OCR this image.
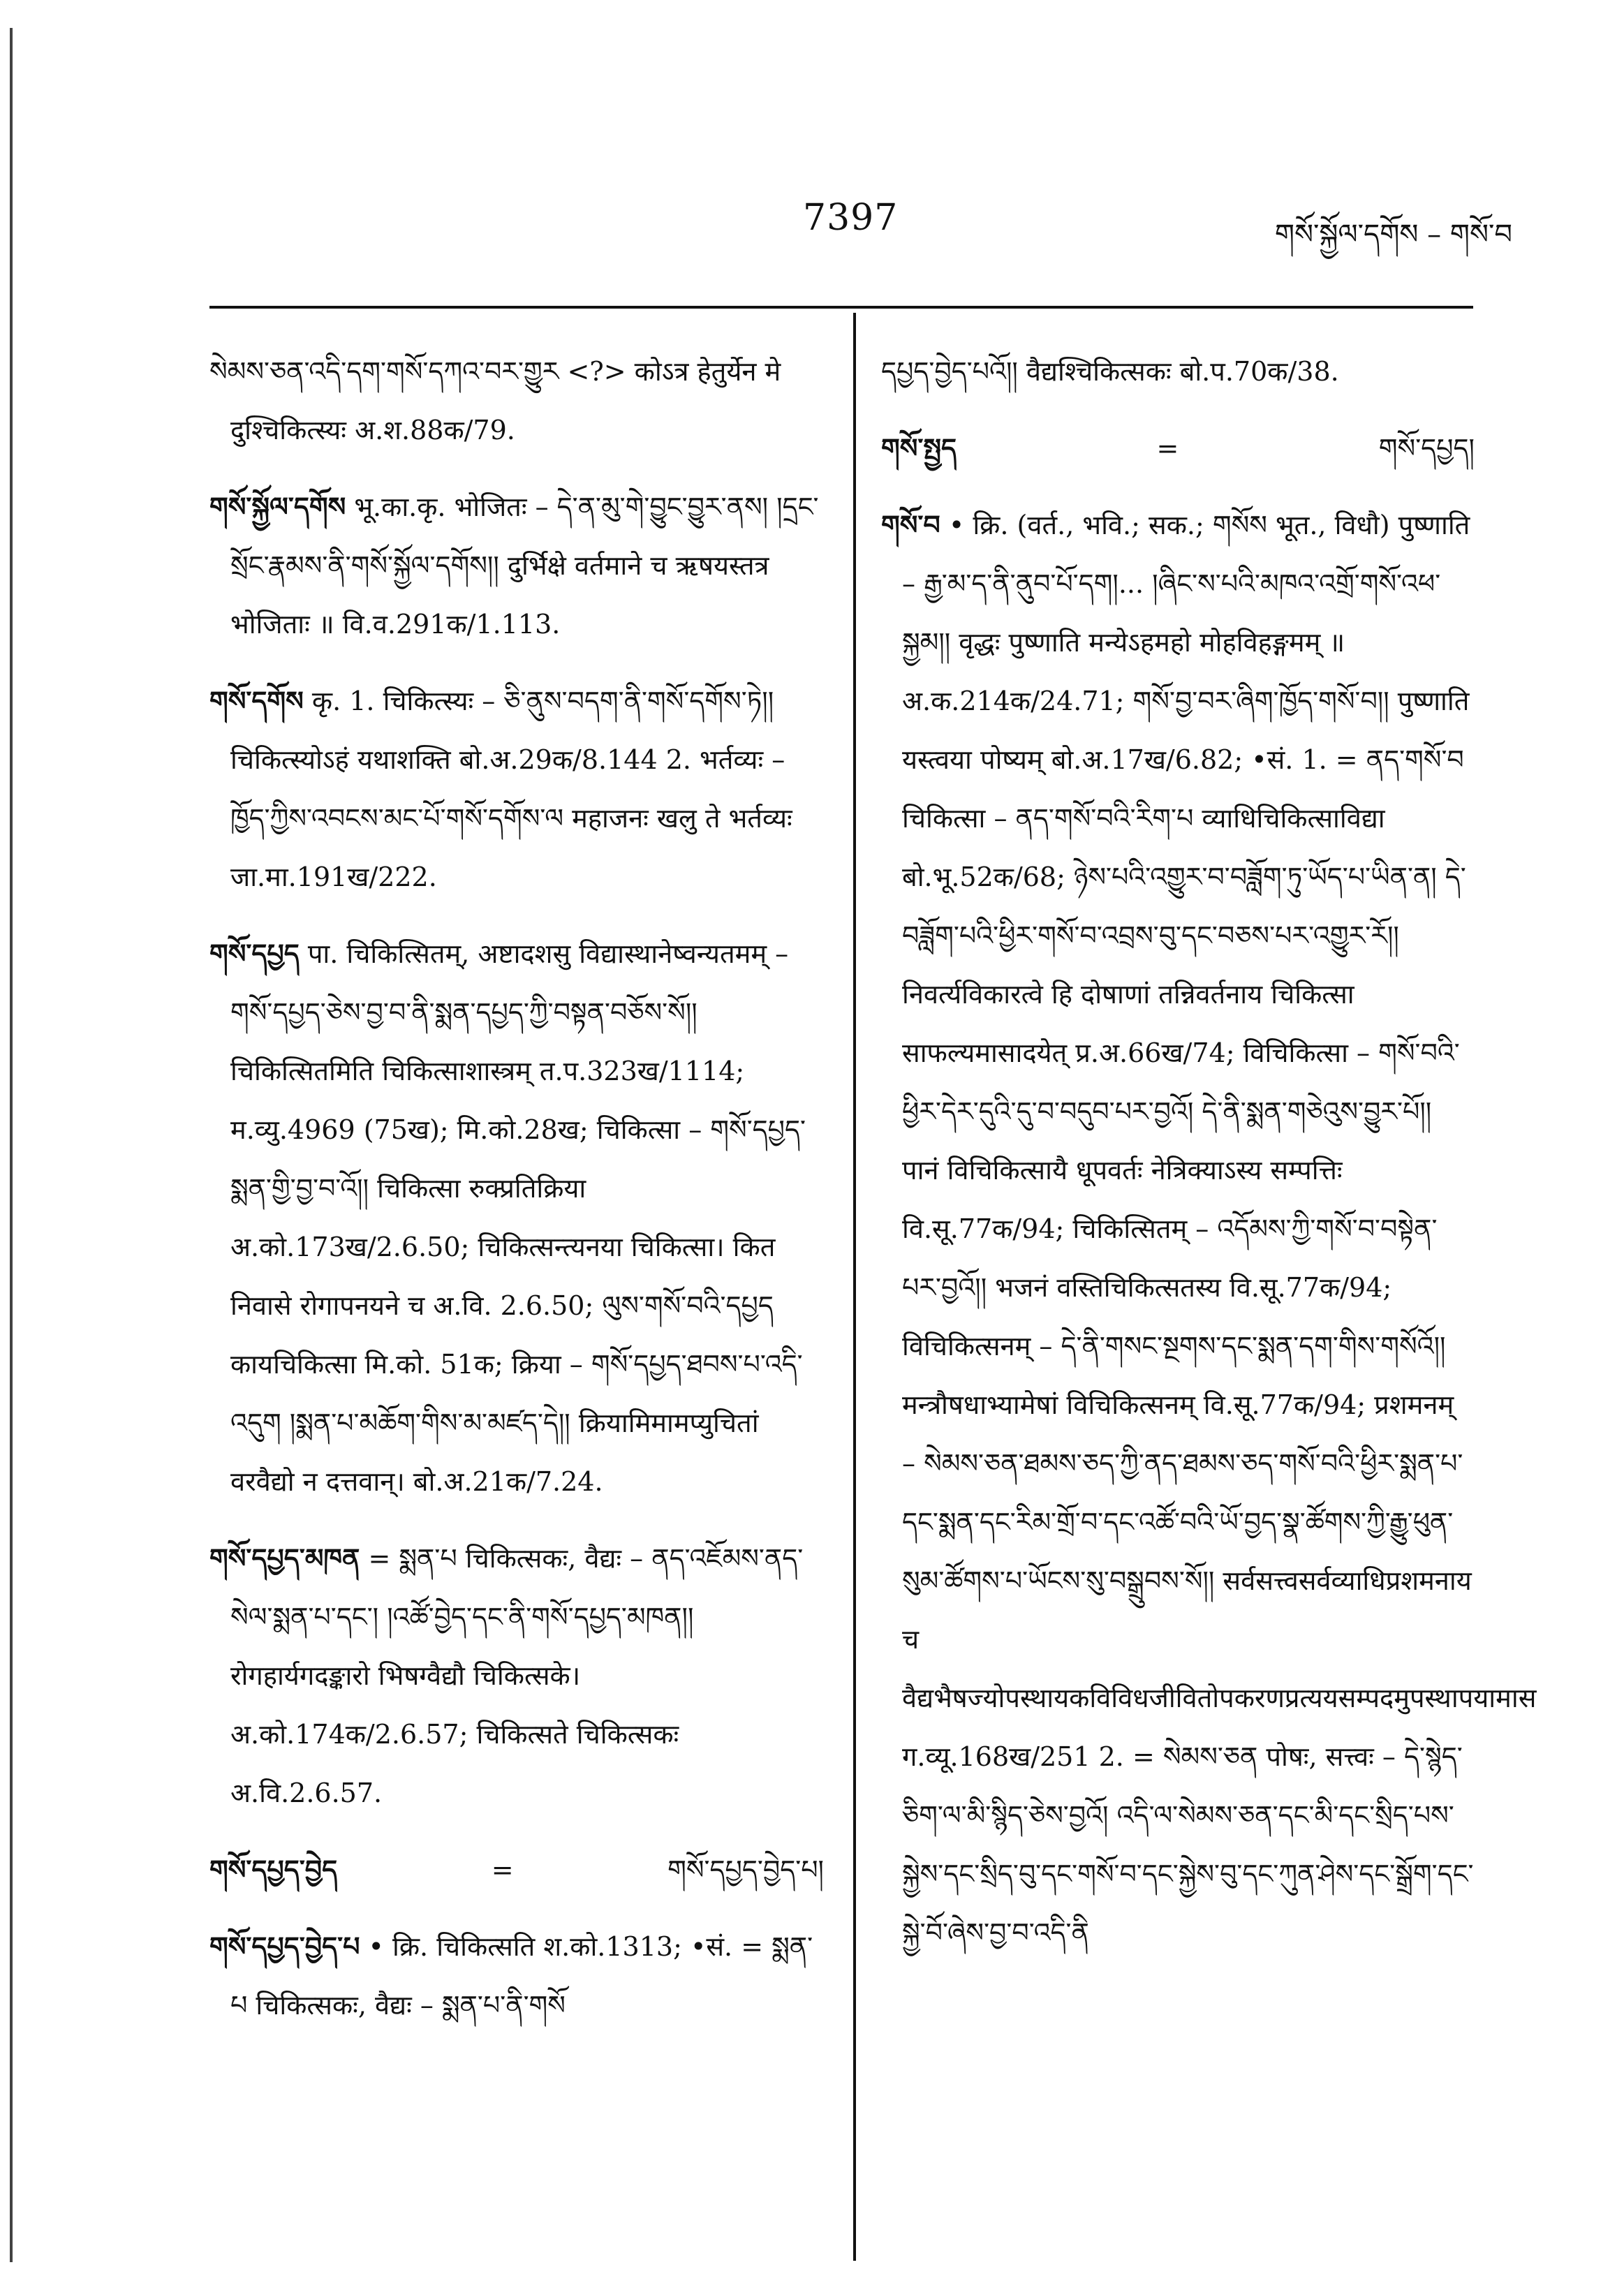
7397	གསོ་སྐྱོལ་དགོས – གསོ་བ

སེམས་ཅན་འདི་དག་གསོ་དཀའ་བར་གྱུར <?> कोऽत्र हेतुर्येन मे दुश्चिकित्स्यः अ.श.88क/79.

གསོ་སྐྱོལ་དགོས भू.का.कृ. भोजितः – དེ་ན་མུ་གེ་བྱུང་བྱུར་ནས། །དྲང་སྲོང་རྣམས་ནི་གསོ་སྐྱོལ་དགོས།། दुर्भिक्षे वर्तमाने च ऋषयस्तत्र भोजिताः ॥ वि.व.291क/1.113.

གསོ་དགོས कृ. 1. चिकित्स्यः – ཅི་ནུས་བདག་ནི་གསོ་དགོས་ཏེ།། चिकित्स्योऽहं यथाशक्ति बो.अ.29क/8.144 2. भर्तव्यः – ཁྱོད་ཀྱིས་འབངས་མང་པོ་གསོ་དགོས་ལ महाजनः खलु ते भर्तव्यः जा.मा.191ख/222.

གསོ་དཔྱད पा. चिकित्सितम्, अष्टादशसु विद्यास्थानेष्वन्यतमम् – གསོ་དཔྱད་ཅེས་བྱ་བ་ནི་སྨན་དཔྱད་ཀྱི་བསྟན་བཅོས་སོ།། चिकित्सितमिति चिकित्साशास्त्रम् त.प.323ख/1114; म.व्यु.4969 (75ख); मि.को.28ख; चिकित्सा – གསོ་དཔྱད་སྨན་གྱི་བྱ་བ་འོ།། चिकित्सा रुक्प्रतिक्रिया अ.को.173ख/2.6.50; चिकित्सन्त्यनया चिकित्सा। कित निवासे रोगापनयने च अ.वि. 2.6.50; ལུས་གསོ་བའི་དཔྱད कायचिकित्सा मि.को. 51क; क्रिया – གསོ་དཔྱད་ཐབས་པ་འདི་འདུག །སྨན་པ་མཆོག་གིས་མ་མཛད་དེ།། क्रियामिमामप्युचितां वरवैद्यो न दत्तवान्। बो.अ.21क/7.24.

གསོ་དཔྱད་མཁན = སྨན་པ चिकित्सकः, वैद्यः – ནད་འཇོམས་ནད་སེལ་སྨན་པ་དང་། །འཚོ་བྱེད་དང་ནི་གསོ་དཔྱད་མཁན།། रोगहार्यगदङ्कारो भिषग्वैद्यौ चिकित्सके। अ.को.174क/2.6.57; चिकित्सते चिकित्सकः अ.वि.2.6.57.

གསོ་དཔྱད་བྱེད	=	གསོ་དཔྱད་བྱེད་པ།

གསོ་དཔྱད་བྱེད་པ • क्रि. चिकित्सति श.को.1313; •सं. = སྨན་པ चिकित्सकः, वैद्यः – སྨན་པ་ནི་གསོ

དཔྱད་བྱེད་པའོ།། वैद्यश्चिकित्सकः बो.प.70क/38.

གསོ་སྤྱད	=	གསོ་དཔྱད།

གསོ་བ • क्रि. (वर्त., भवि.; सक.; གསོས भूत., विधौ) पुष्णाति – རྒྱ་མ་ད་ནི་ནུབ་པོ་དག།... །ཞིང་ས་པའི་མཁའ་འགྲོ་གསོ་འཕ་སྐྱམ།། वृद्धः पुष्णाति मन्येऽहमहो मोहविहङ्गमम् ॥ अ.क.214क/24.71; གསོ་བྱ་བར་ཞིག་ཁྱོད་གསོ་བ།། पुष्णाति यस्त्वया पोष्यम् बो.अ.17ख/6.82; •सं. 1. = ནད་གསོ་བ चिकित्सा – ནད་གསོ་བའི་རིག་པ व्याधिचिकित्साविद्या बो.भू.52क/68; ཉེས་པའི་འགྱུར་བ་བཟློག་ཏུ་ཡོད་པ་ཡིན་ན། དེ་བཟློག་པའི་ཕྱིར་གསོ་བ་འབྲས་བུ་དང་བཅས་པར་འགྱུར་རོ།། निवर्त्यविकारत्वे हि दोषाणां तन्निवर्तनाय चिकित्सा साफल्यमासादयेत् प्र.अ.66ख/74; विचिकित्सा – གསོ་བའི་ཕྱིར་དེར་དུའི་དུ་བ་བདུབ་པར་བྱའོ། དེ་ནི་སྨན་གཅེའུས་བྱུར་པོ།། पानं विचिकित्सायै धूपवर्तः नेत्रिक्याऽस्य सम्पत्तिः वि.सू.77क/94; चिकित्सितम् – འདོམས་ཀྱི་གསོ་བ་བསྟེན་པར་བྱའོ།། भजनं वस्तिचिकित्सतस्य वि.सू.77क/94; विचिकित्सनम् – དེ་ནི་གསང་སྔགས་དང་སྨན་དག་གིས་གསོའོ།། मन्त्रौषधाभ्यामेषां विचिकित्सनम् वि.सू.77क/94; प्रशमनम् – སེམས་ཅན་ཐམས་ཅད་ཀྱི་ནད་ཐམས་ཅད་གསོ་བའི་ཕྱིར་སྨན་པ་དང་སྨན་དང་རིམ་གྲོ་བ་དང་འཚོ་བའི་ཡོ་བྱད་སྣ་ཚོགས་ཀྱི་རྒྱུ་ཕུན་སུམ་ཚོགས་པ་ཡོངས་སུ་བསྒྲུབས་སོ།། सर्वसत्त्वसर्वव्याधिप्रशमनाय च वैद्यभैषज्योपस्थायकविविधजीवितोपकरणप्रत्ययसम्पदमुपस्थापयामास ग.व्यू.168ख/251 2. = སེམས་ཅན पोषः, सत्त्वः – དེ་སྙེད་ཅིག་ལ་མི་སྙིད་ཅེས་བྱའོ། འདི་ལ་སེམས་ཅན་དང་མི་དང་སྲིད་པས་སྐྱེས་དང་སྲིད་བུ་དང་གསོ་བ་དང་སྐྱེས་བུ་དང་ཀུན་ཤེས་དང་སྒྲོག་དང་སྐྱེ་བོ་ཞེས་བྱ་བ་འདི་ནི
